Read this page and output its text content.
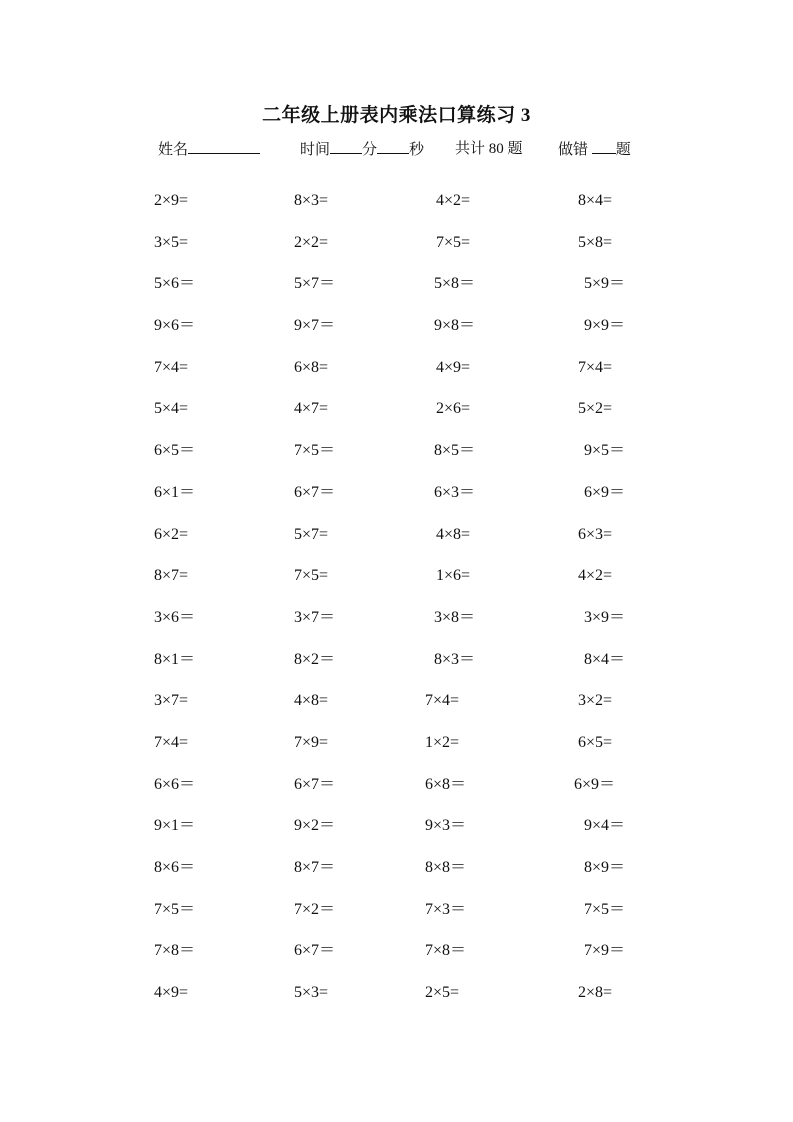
二年级上册表内乘法口算练习 3
姓名	时间 分 秒 共计 80 题 做错 题
2×9=	8×3=	4×2=	8×4=
3×5=	2×2=	7×5=	5×8=
5×6＝	5×7＝	5×8＝	5×9＝
9×6＝	9×7＝	9×8＝	9×9＝
7×4=	6×8=	4×9=	7×4=
5×4=	4×7=	2×6=	5×2=
6×5＝	7×5＝	8×5＝	9×5＝
6×1＝	6×7＝	6×3＝	6×9＝
6×2=	5×7=	4×8=	6×3=
8×7=	7×5=	1×6=	4×2=
3×6＝	3×7＝	3×8＝	3×9＝
8×1＝	8×2＝	8×3＝	8×4＝
3×7=	4×8=	7×4=	3×2=
7×4=	7×9=	1×2=	6×5=
6×6＝	6×7＝	6×8＝	6×9＝
9×1＝	9×2＝	9×3＝	9×4＝
8×6＝	8×7＝	8×8＝	8×9＝
7×5＝	7×2＝	7×3＝	7×5＝
7×8＝	6×7＝	7×8＝	7×9＝
4×9=	5×3=	2×5=	2×8=
